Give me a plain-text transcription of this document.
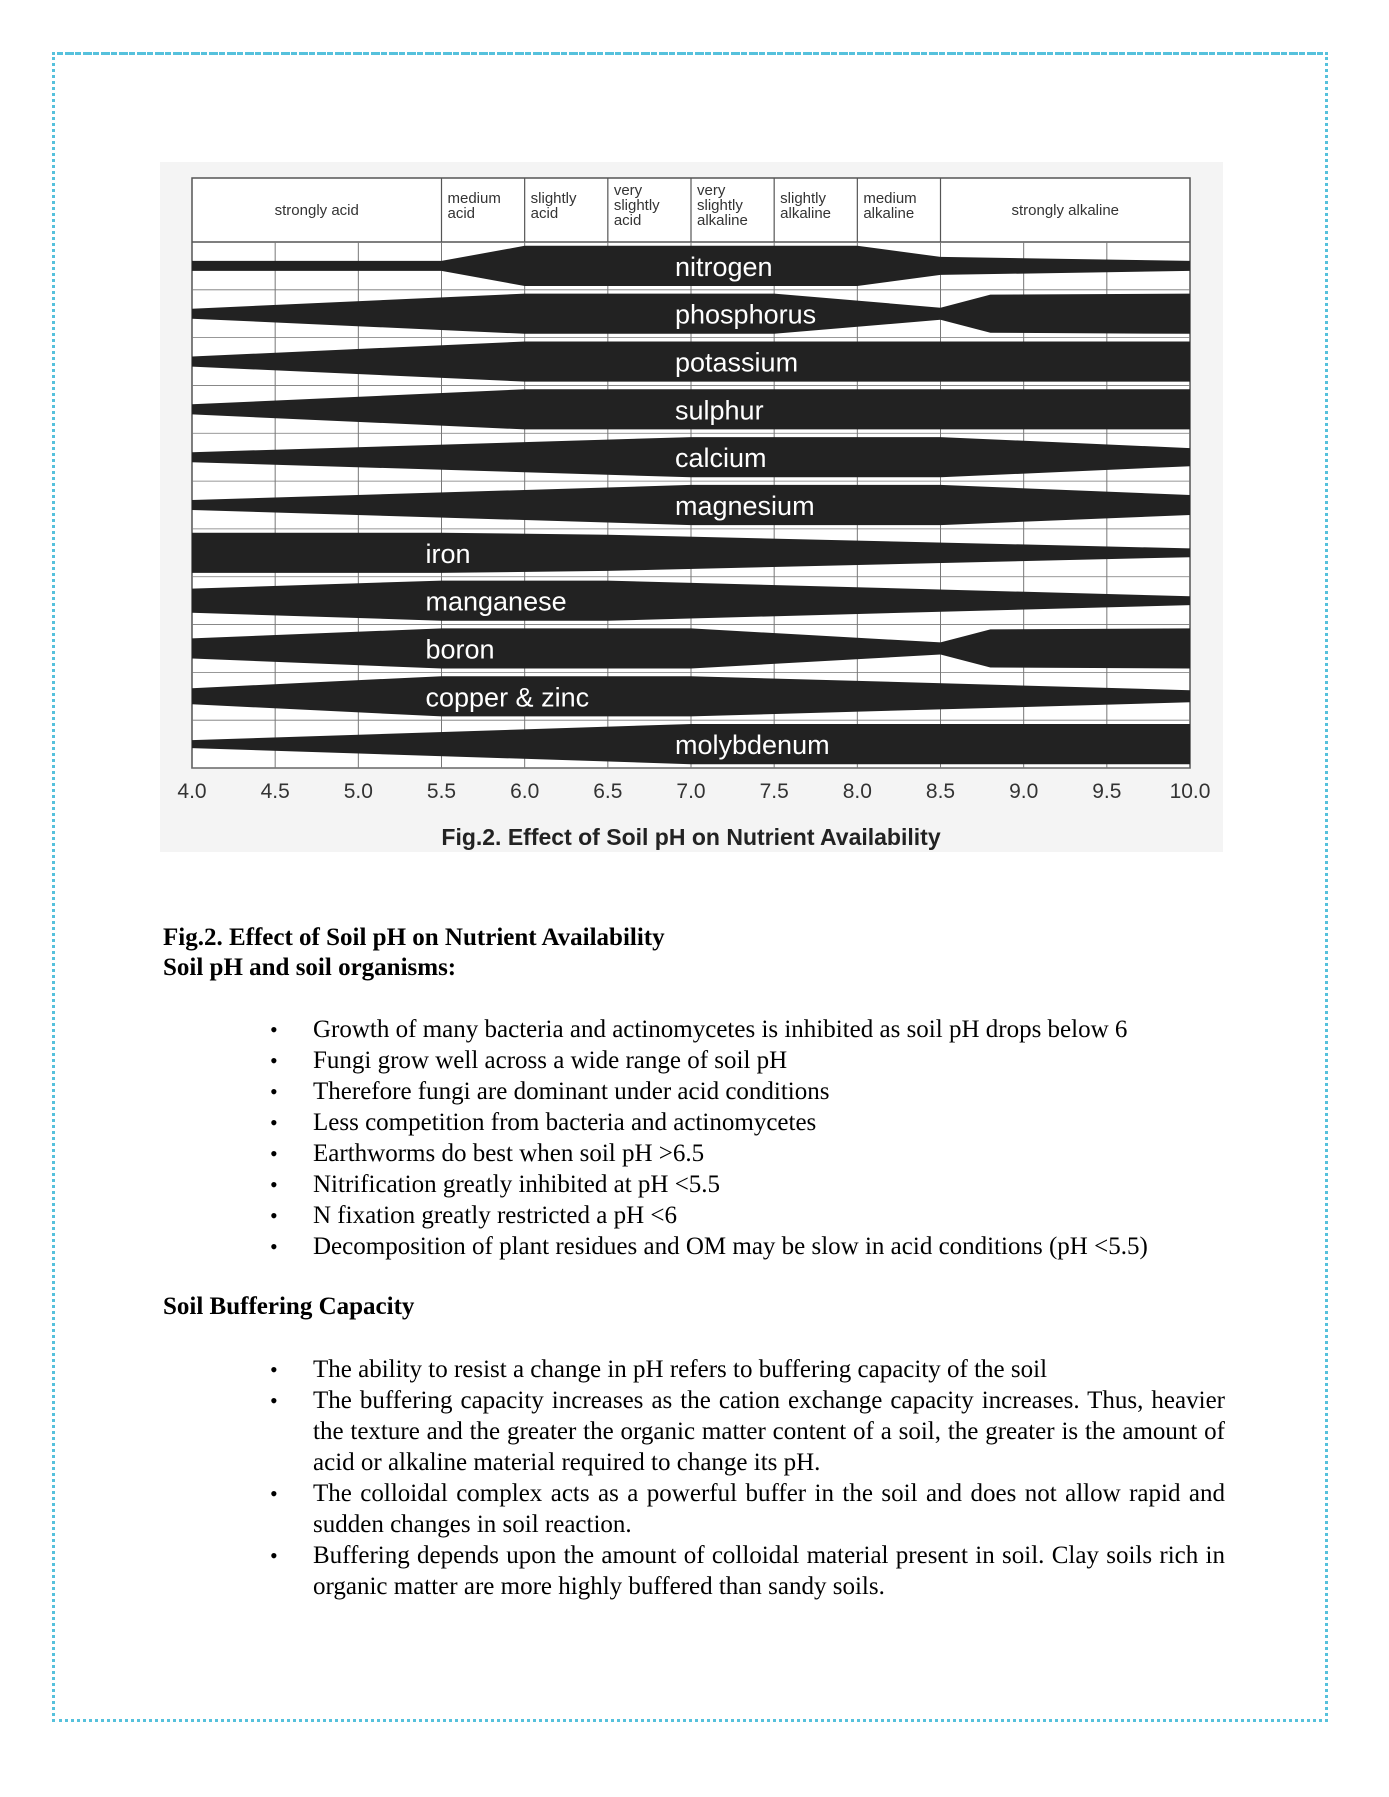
strongly acid
medium
acid
slightly
acid
very
slightly
acid
very
slightly
alkaline
slightly
alkaline
medium
alkaline	strongly alkaline
nitrogen
phosphorus
potassium
sulphur
calcium
magnesium
iron
manganese
boron
copper & zinc
molybdenum
4.0	4.5	5.0	5.5	6.0	6.5	7.0	7.5	8.0	8.5	9.0	9.5 10.0
Fig.2. Effect of Soil pH on Nutrient Availability

Fig.2. Effect of Soil pH on Nutrient Availability

Soil pH and soil organisms:

• Growth of many bacteria and actinomycetes is inhibited as soil pH drops below 6
• Fungi grow well across a wide range of soil pH
• Therefore fungi are dominant under acid conditions
• Less competition from bacteria and actinomycetes
• Earthworms do best when soil pH >6.5
• Nitrification greatly inhibited at pH <5.5
• N fixation greatly restricted a pH <6
• Decomposition of plant residues and OM may be slow in acid conditions (pH <5.5)

Soil Buffering Capacity

• The ability to resist a change in pH refers to buffering capacity of the soil
• The buffering capacity increases as the cation exchange capacity increases. Thus, heavier the texture and the greater the organic matter content of a soil, the greater is the amount of acid or alkaline material required to change its pH.
• The colloidal complex acts as a powerful buffer in the soil and does not allow rapid and sudden changes in soil reaction.
• Buffering depends upon the amount of colloidal material present in soil. Clay soils rich in organic matter are more highly buffered than sandy soils.
